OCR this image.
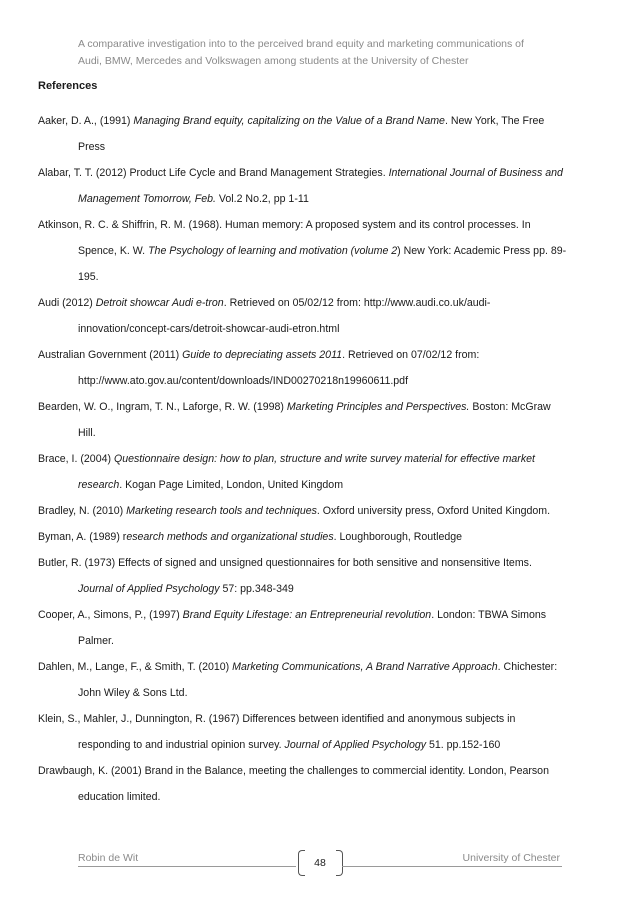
A comparative investigation into to the perceived brand equity and marketing communications of
Audi, BMW, Mercedes and Volkswagen among students at the University of Chester
References
Aaker, D. A., (1991) Managing Brand equity, capitalizing on the Value of a Brand Name. New York, The Free Press
Alabar, T. T. (2012) Product Life Cycle and Brand Management Strategies. International Journal of Business and Management Tomorrow, Feb. Vol.2 No.2, pp 1-11
Atkinson, R. C. & Shiffrin, R. M. (1968). Human memory: A proposed system and its control processes. In Spence, K. W. The Psychology of learning and motivation (volume 2) New York: Academic Press pp. 89-195.
Audi (2012) Detroit showcar Audi e-tron. Retrieved on 05/02/12 from: http://www.audi.co.uk/audi-innovation/concept-cars/detroit-showcar-audi-etron.html
Australian Government (2011) Guide to depreciating assets 2011. Retrieved on 07/02/12 from: http://www.ato.gov.au/content/downloads/IND00270218n19960611.pdf
Bearden, W. O., Ingram, T. N., Laforge, R. W. (1998) Marketing Principles and Perspectives. Boston: McGraw Hill.
Brace, I. (2004) Questionnaire design: how to plan, structure and write survey material for effective market research. Kogan Page Limited, London, United Kingdom
Bradley, N. (2010) Marketing research tools and techniques. Oxford university press, Oxford United Kingdom.
Byman, A. (1989) research methods and organizational studies. Loughborough, Routledge
Butler, R. (1973) Effects of signed and unsigned questionnaires for both sensitive and nonsensitive Items. Journal of Applied Psychology 57: pp.348-349
Cooper, A., Simons, P., (1997) Brand Equity Lifestage: an Entrepreneurial revolution. London: TBWA Simons Palmer.
Dahlen, M., Lange, F., & Smith, T. (2010) Marketing Communications, A Brand Narrative Approach. Chichester: John Wiley & Sons Ltd.
Klein, S., Mahler, J., Dunnington, R. (1967) Differences between identified and anonymous subjects in responding to and industrial opinion survey. Journal of Applied Psychology 51. pp.152-160
Drawbaugh, K. (2001) Brand in the Balance, meeting the challenges to commercial identity. London, Pearson education limited.
Robin de Wit	48	University of Chester
